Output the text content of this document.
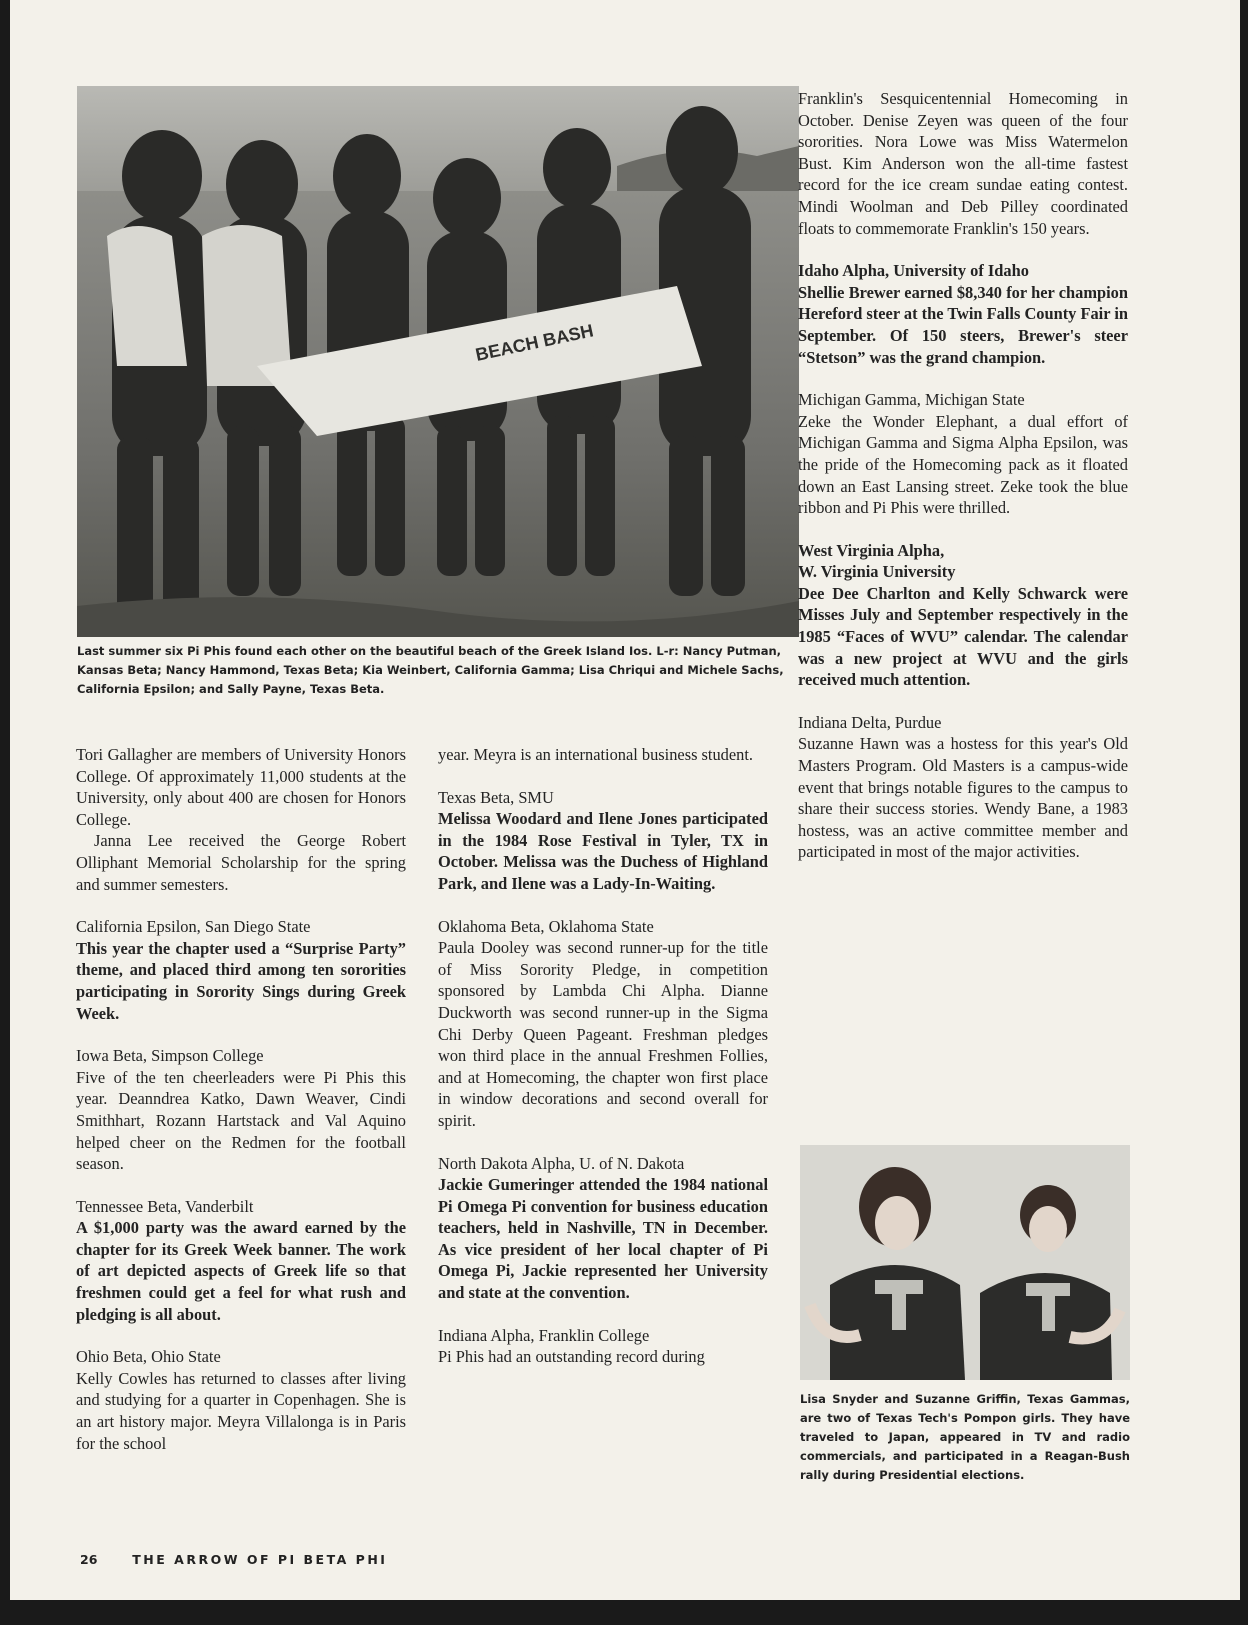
BEACH BASH

Last summer six Pi Phis found each other on the beautiful beach of the Greek Island Ios. L-r: Nancy Putman, Kansas Beta; Nancy Hammond, Texas Beta; Kia Weinbert, California Gamma; Lisa Chriqui and Michele Sachs, California Epsilon; and Sally Payne, Texas Beta.

Tori Gallagher are members of University Honors College. Of approximately 11,000 students at the University, only about 400 are chosen for Honors College.

Janna Lee received the George Robert Olliphant Memorial Scholarship for the spring and summer semesters.

California Epsilon, San Diego State

This year the chapter used a “Surprise Party” theme, and placed third among ten sororities participating in Sorority Sings during Greek Week.

Iowa Beta, Simpson College

Five of the ten cheerleaders were Pi Phis this year. Deanndrea Katko, Dawn Weaver, Cindi Smithhart, Rozann Hartstack and Val Aquino helped cheer on the Redmen for the football season.

Tennessee Beta, Vanderbilt

A $1,000 party was the award earned by the chapter for its Greek Week banner. The work of art depicted aspects of Greek life so that freshmen could get a feel for what rush and pledging is all about.

Ohio Beta, Ohio State

Kelly Cowles has returned to classes after living and studying for a quarter in Copenhagen. She is an art history major. Meyra Villalonga is in Paris for the school

year. Meyra is an international business student.

Texas Beta, SMU

Melissa Woodard and Ilene Jones participated in the 1984 Rose Festival in Tyler, TX in October. Melissa was the Duchess of Highland Park, and Ilene was a Lady-In-Waiting.

Oklahoma Beta, Oklahoma State

Paula Dooley was second runner-up for the title of Miss Sorority Pledge, in competition sponsored by Lambda Chi Alpha. Dianne Duckworth was second runner-up in the Sigma Chi Derby Queen Pageant. Freshman pledges won third place in the annual Freshmen Follies, and at Homecoming, the chapter won first place in window decorations and second overall for spirit.

North Dakota Alpha, U. of N. Dakota

Jackie Gumeringer attended the 1984 national Pi Omega Pi convention for business education teachers, held in Nashville, TN in December. As vice president of her local chapter of Pi Omega Pi, Jackie represented her University and state at the convention.

Indiana Alpha, Franklin College

Pi Phis had an outstanding record during

Franklin's Sesquicentennial Homecoming in October. Denise Zeyen was queen of the four sororities. Nora Lowe was Miss Watermelon Bust. Kim Anderson won the all-time fastest record for the ice cream sundae eating contest. Mindi Woolman and Deb Pilley coordinated floats to commemorate Franklin's 150 years.

Idaho Alpha, University of Idaho

Shellie Brewer earned $8,340 for her champion Hereford steer at the Twin Falls County Fair in September. Of 150 steers, Brewer's steer “Stetson” was the grand champion.

Michigan Gamma, Michigan State

Zeke the Wonder Elephant, a dual effort of Michigan Gamma and Sigma Alpha Epsilon, was the pride of the Homecoming pack as it floated down an East Lansing street. Zeke took the blue ribbon and Pi Phis were thrilled.

West Virginia Alpha,
W. Virginia University

Dee Dee Charlton and Kelly Schwarck were Misses July and September respectively in the 1985 “Faces of WVU” calendar. The calendar was a new project at WVU and the girls received much attention.

Indiana Delta, Purdue

Suzanne Hawn was a hostess for this year's Old Masters Program. Old Masters is a campus-wide event that brings notable figures to the campus to share their success stories. Wendy Bane, a 1983 hostess, was an active committee member and participated in most of the major activities.

Lisa Snyder and Suzanne Griffin, Texas Gammas, are two of Texas Tech's Pompon girls. They have traveled to Japan, appeared in TV and radio commercials, and participated in a Reagan-Bush rally during Presidential elections.

26	THE ARROW OF PI BETA PHI
